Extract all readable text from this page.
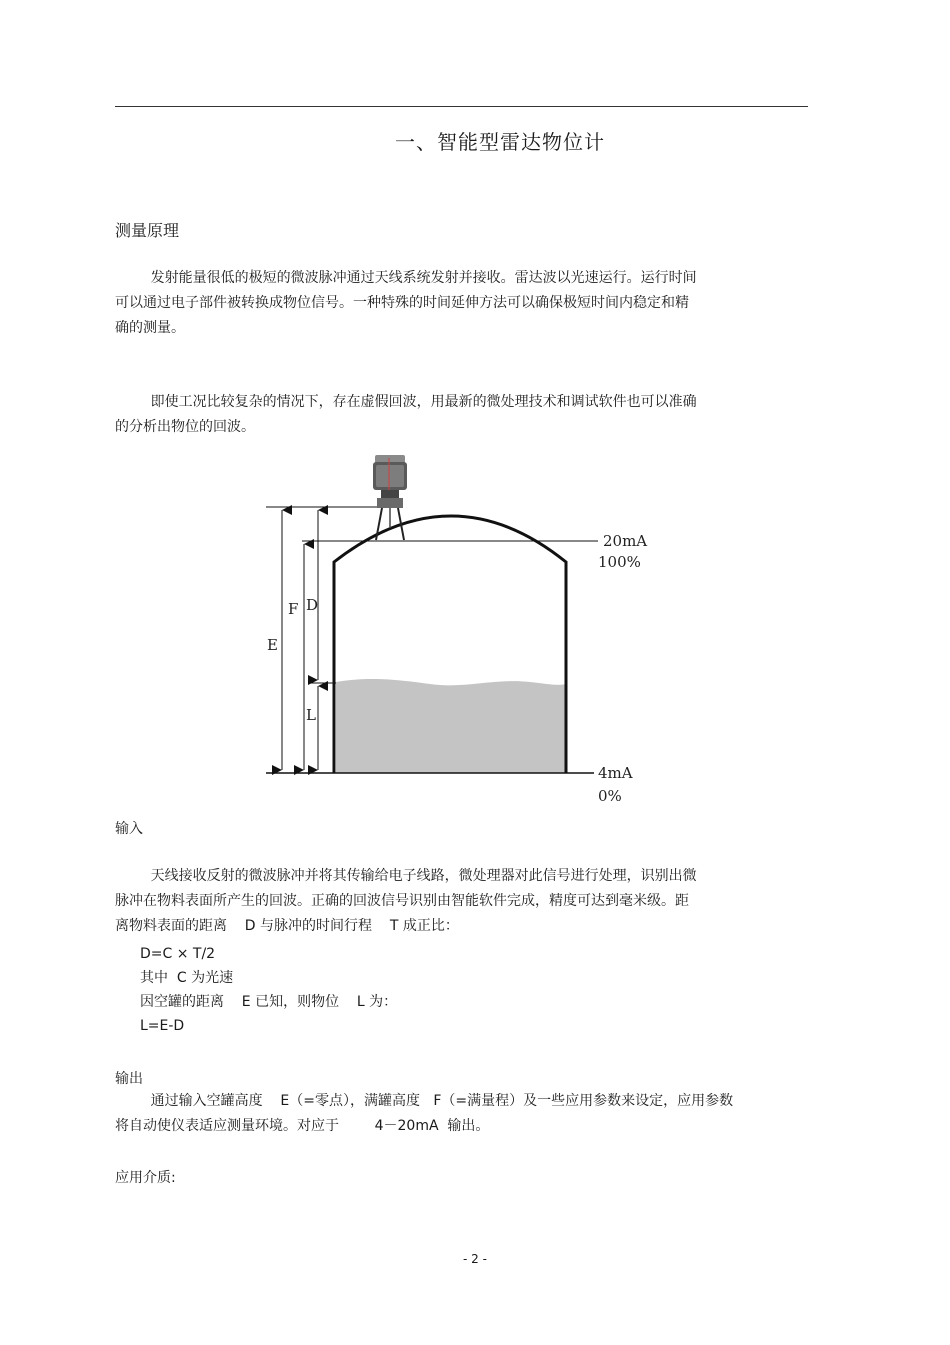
一、智能型雷达物位计
测量原理
发射能量很低的极短的微波脉冲通过天线系统发射并接收。雷达波以光速运行。运行时间
可以通过电子部件被转换成物位信号。一种特殊的时间延伸方法可以确保极短时间内稳定和精
确的测量。
即使工况比较复杂的情况下，存在虚假回波，用最新的微处理技术和调试软件也可以准确
的分析出物位的回波。
E
F D
L
20mA
100%
4mA
0%
输入
天线接收反射的微波脉冲并将其传输给电子线路，微处理器对此信号进行处理，识别出微
脉冲在物料表面所产生的回波。正确的回波信号识别由智能软件完成，精度可达到毫米级。距
离物料表面的距离    D 与脉冲的时间行程    T 成正比：
D=C × T/2
其中  C 为光速
因空罐的距离    E 已知，则物位    L 为：
L=E-D
输出
通过输入空罐高度    E（=零点），满罐高度   F（=满量程）及一些应用参数来设定，应用参数
将自动使仪表适应测量环境。对应于        4－20mA  输出。
应用介质:
- 2 -
